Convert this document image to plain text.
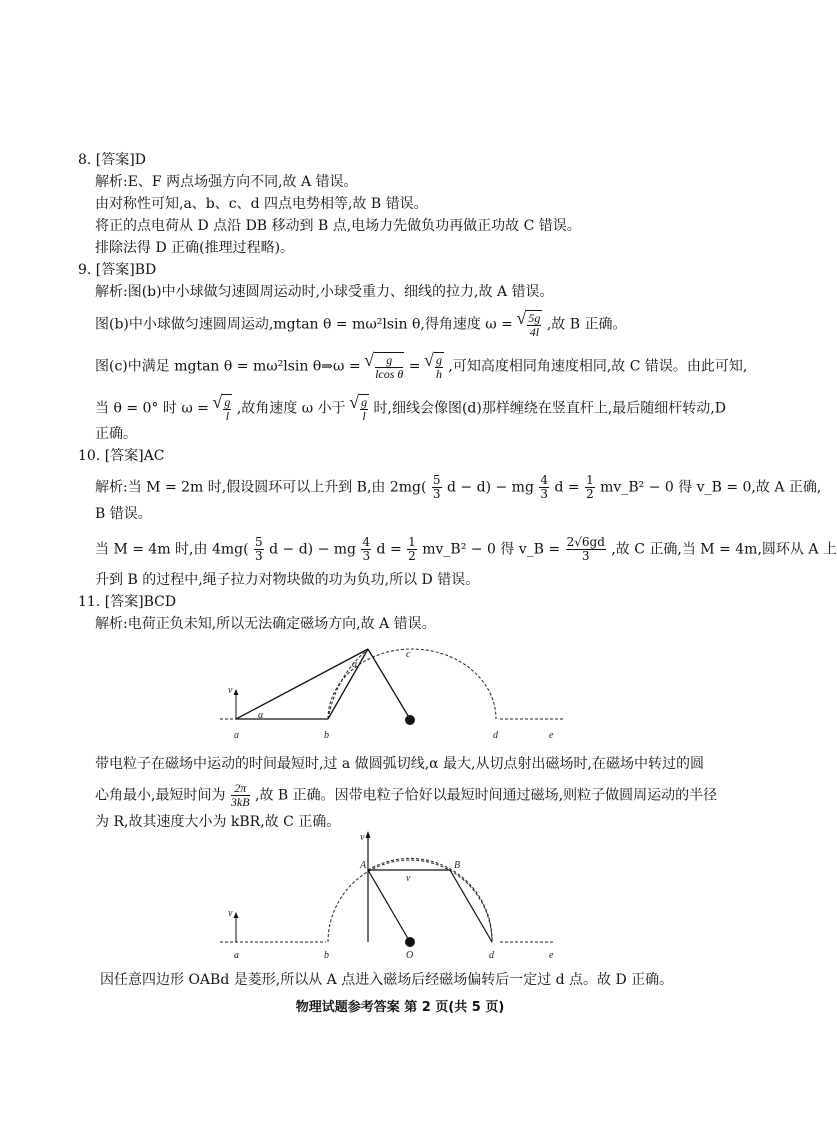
8. [答案]D
解析:E、F 两点场强方向不同,故 A 错误。
由对称性可知,a、b、c、d 四点电势相等,故 B 错误。
将正的点电荷从 D 点沿 DB 移动到 B 点,电场力先做负功再做正功故 C 错误。
排除法得 D 正确(推理过程略)。
9. [答案]BD
解析:图(b)中小球做匀速圆周运动时,小球受重力、细线的拉力,故 A 错误。
图(b)中小球做匀速圆周运动,mgtan θ = mω²lsin θ,得角速度 ω = √ $\frac{5g}{4l}$ ,故 B 正确。
图(c)中满足 mgtan θ = mω²lsin θ⇒ω = √ $\frac{g}{\text{lcos θ}}$ = √ $\frac{g}{h}$ ,可知高度相同角速度相同,故 C 错误。由此可知,
当 θ = 0° 时 ω = √ $\frac{g}{l}$ ,故角速度 ω 小于 √ $\frac{g}{l}$ 时,细线会像图(d)那样缠绕在竖直杆上,最后随细杆转动,D
正确。
10. [答案]AC
解析:当 M = 2m 时,假设圆环可以上升到 B,由 $2mg( \frac{5}{3}$ d − d) − mg $\frac{4}{3}$ $d = \frac{1}{2}$ mv_B² − 0 得 v_B = 0,故 A 正确,
B 错误。
当 M = 4m 时,由 $4mg( \frac{5}{3}$ d − d) − mg $\frac{4}{3}$ $d = \frac{1}{2}$ mv_B² − 0 得 v_B = $\frac{2√6gd}{3}$ ,故 C 正确,当 M = 4m,圆环从 A 上
升到 B 的过程中,绳子拉力对物块做的功为负功,所以 D 错误。
11. [答案]BCD
解析:电荷正负未知,所以无法确定磁场方向,故 A 错误。
v
α
α
c
a	b	d	e
带电粒子在磁场中运动的时间最短时,过 a 做圆弧切线,α 最大,从切点射出磁场时,在磁场中转过的圆
心角最小,最短时间为 $\frac{2\pi}{3kB}$ ,故 B 正确。因带电粒子恰好以最短时间通过磁场,则粒子做圆周运动的半径
为 R,故其速度大小为 kBR,故 C 正确。
A	B
v
v
v
a	b	O	d	e
因任意四边形 OABd 是菱形,所以从 A 点进入磁场后经磁场偏转后一定过 d 点。故 D 正确。
物理试题参考答案 第 2 页(共 5 页)
